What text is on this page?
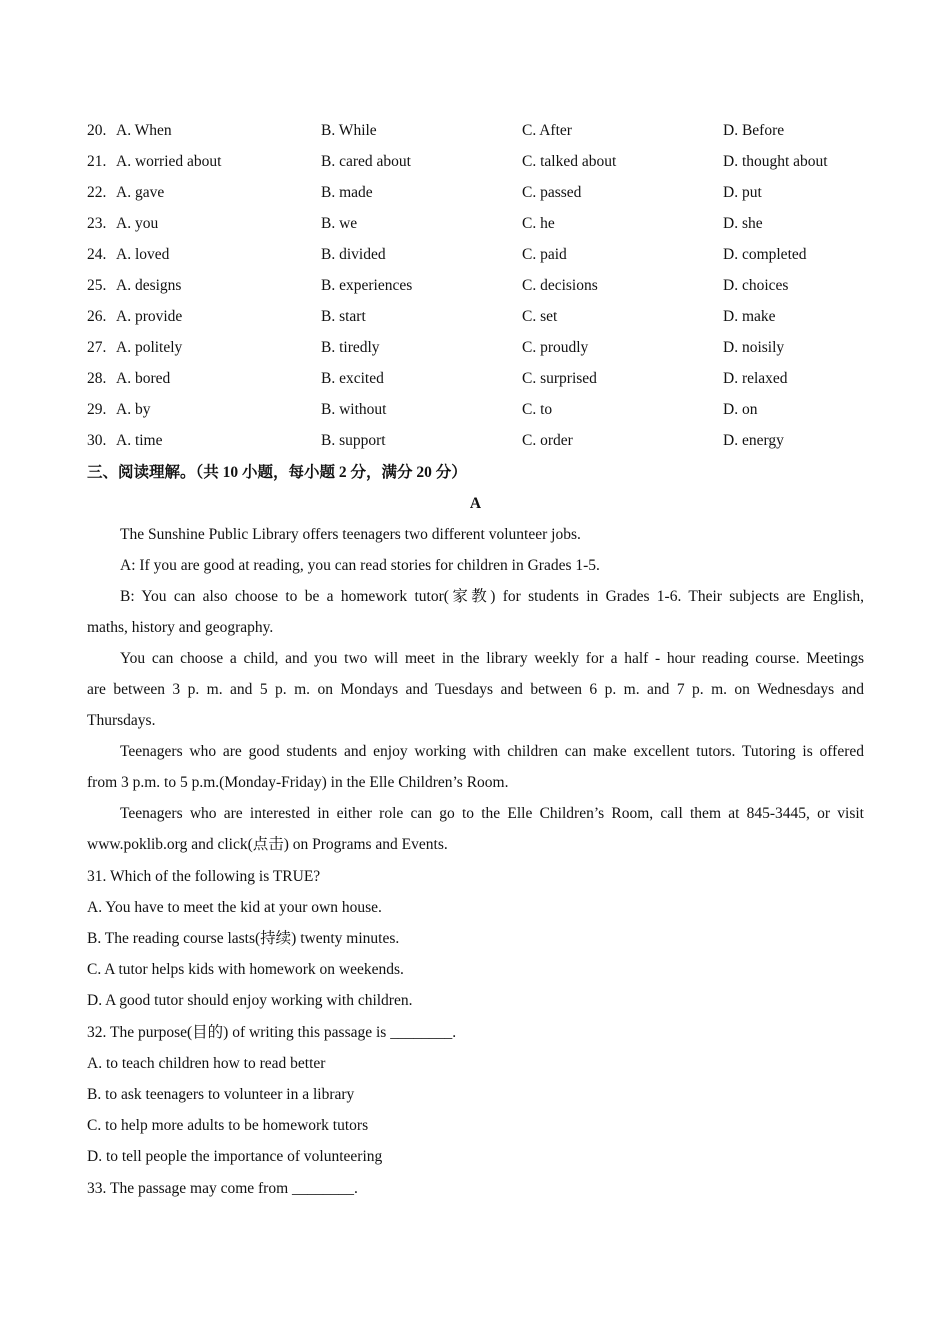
20. A. When	B. While	C. After	D. Before
21. A. worried about	B. cared about	C. talked about	D. thought about
22. A. gave	B. made	C. passed	D. put
23. A. you	B. we	C. he	D. she
24. A. loved	B. divided	C. paid	D. completed
25. A. designs	B. experiences	C. decisions	D. choices
26. A. provide	B. start	C. set	D. make
27. A. politely	B. tiredly	C. proudly	D. noisily
28. A. bored	B. excited	C. surprised	D. relaxed
29. A. by	B. without	C. to	D. on
30. A. time	B. support	C. order	D. energy
三、阅读理解。（共 10 小题，每小题 2 分，满分 20 分）
A
The Sunshine Public Library offers teenagers two different volunteer jobs.
A: If you are good at reading, you can read stories for children in Grades 1-5.
B: You can also choose to be a homework tutor(家教) for students in Grades 1-6. Their subjects are English,
maths, history and geography.
You can choose a child, and you two will meet in the library weekly for a half - hour reading course. Meetings
are between 3 p. m. and 5 p. m. on Mondays and Tuesdays and between 6 p. m. and 7 p. m. on Wednesdays and
Thursdays.
Teenagers who are good students and enjoy working with children can make excellent tutors. Tutoring is offered
from 3 p.m. to 5 p.m.(Monday-Friday) in the Elle Children’s Room.
Teenagers who are interested in either role can go to the Elle Children’s Room, call them at 845-3445, or visit
www.poklib.org and click(点击) on Programs and Events.
31. Which of the following is TRUE?
A. You have to meet the kid at your own house.
B. The reading course lasts(持续) twenty minutes.
C. A tutor helps kids with homework on weekends.
D. A good tutor should enjoy working with children.
32. The purpose(目的) of writing this passage is ________.
A. to teach children how to read better
B. to ask teenagers to volunteer in a library
C. to help more adults to be homework tutors
D. to tell people the importance of volunteering
33. The passage may come from ________.
